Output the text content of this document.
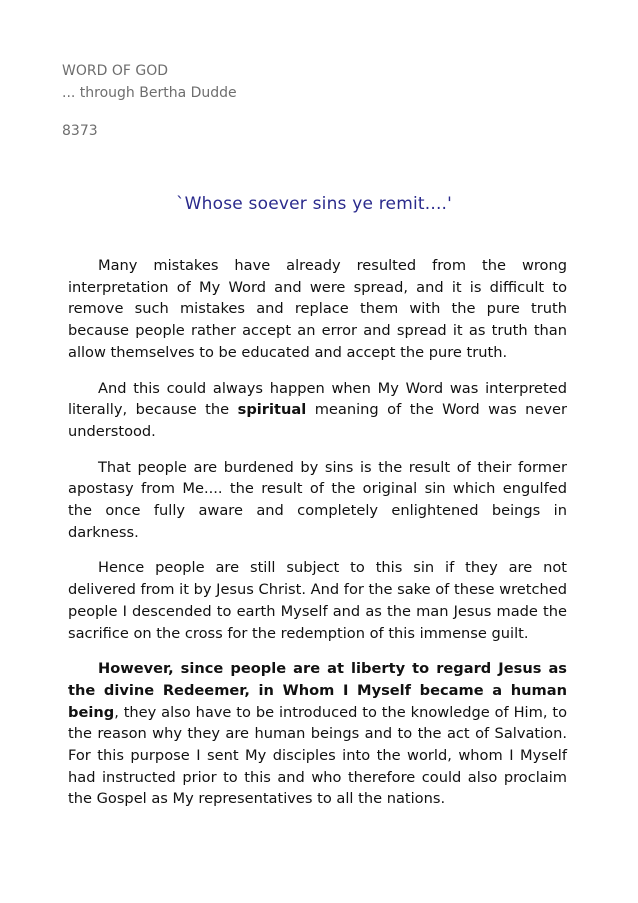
WORD OF GOD
... through Bertha Dudde
8373
`Whose soever sins ye remit....'

Many mistakes have already resulted from the wrong interpretation of My Word and were spread, and it is difficult to remove such mistakes and replace them with the pure truth because people rather accept an error and spread it as truth than allow themselves to be educated and accept the pure truth.

And this could always happen when My Word was interpreted literally, because the spiritual meaning of the Word was never understood.

That people are burdened by sins is the result of their former apostasy from Me.... the result of the original sin which engulfed the once fully aware and completely enlightened beings in darkness.

Hence people are still subject to this sin if they are not delivered from it by Jesus Christ. And for the sake of these wretched people I descended to earth Myself and as the man Jesus made the sacrifice on the cross for the redemption of this immense guilt.

However, since people are at liberty to regard Jesus as the divine Redeemer, in Whom I Myself became a human being, they also have to be introduced to the knowledge of Him, to the reason why they are human beings and to the act of Salvation. For this purpose I sent My disciples into the world, whom I Myself had instructed prior to this and who therefore could also proclaim the Gospel as My representatives to all the nations.
